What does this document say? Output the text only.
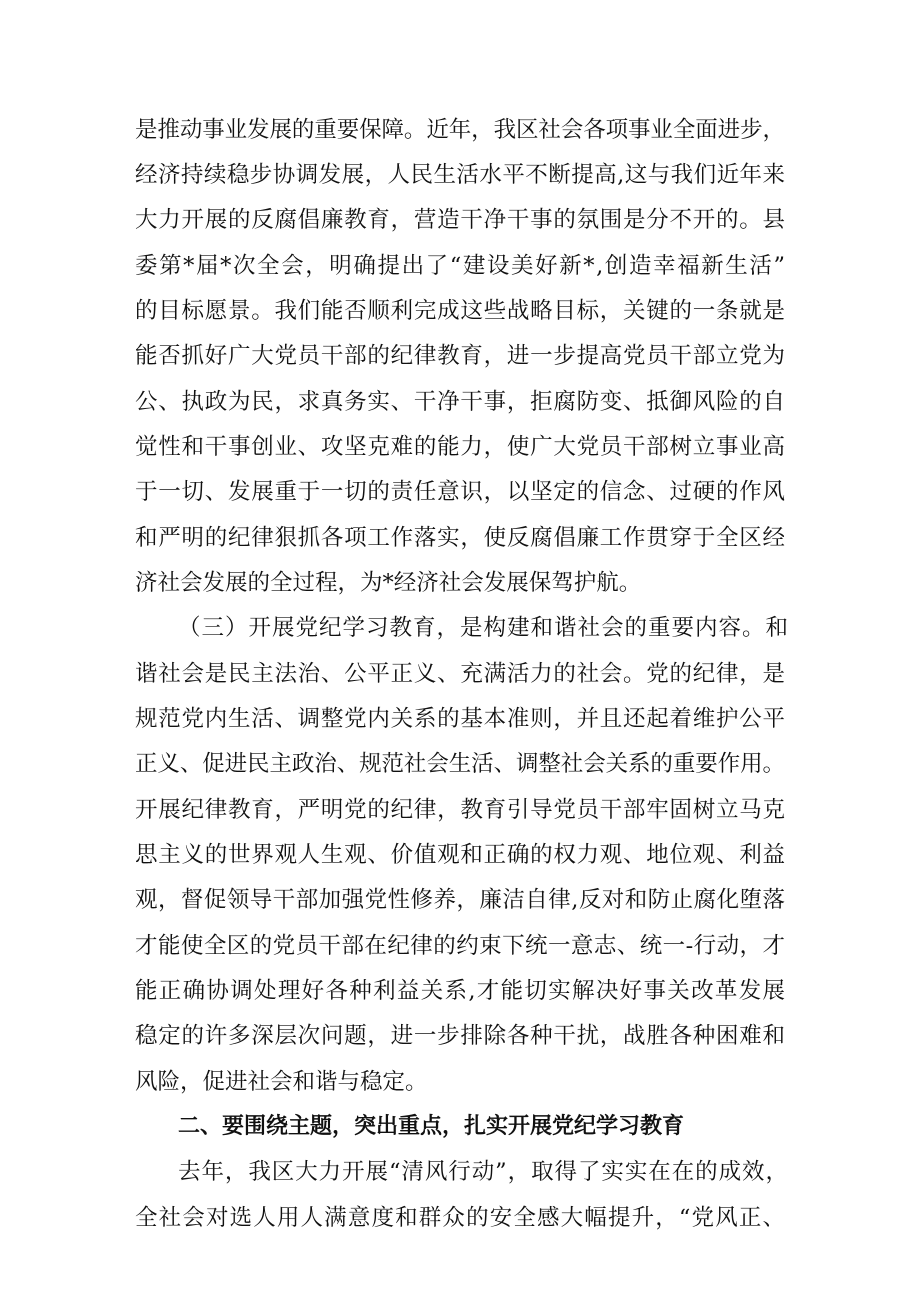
是推动事业发展的重要保障。近年，我区社会各项事业全面进步，
经济持续稳步协调发展，人民生活水平不断提高,这与我们近年来
大力开展的反腐倡廉教育，营造干净干事的氛围是分不开的。县
委第*届*次全会，明确提出了“建设美好新*,创造幸福新生活”
的目标愿景。我们能否顺利完成这些战略目标，关键的一条就是
能否抓好广大党员干部的纪律教育，进一步提高党员干部立党为
公、执政为民，求真务实、干净干事，拒腐防变、抵御风险的自
觉性和干事创业、攻坚克难的能力，使广大党员干部树立事业高
于一切、发展重于一切的责任意识，以坚定的信念、过硬的作风
和严明的纪律狠抓各项工作落实，使反腐倡廉工作贯穿于全区经
济社会发展的全过程，为*经济社会发展保驾护航。
（三）开展党纪学习教育，是构建和谐社会的重要内容。和
谐社会是民主法治、公平正义、充满活力的社会。党的纪律，是
规范党内生活、调整党内关系的基本准则，并且还起着维护公平
正义、促进民主政治、规范社会生活、调整社会关系的重要作用。
开展纪律教育，严明党的纪律，教育引导党员干部牢固树立马克
思主义的世界观人生观、价值观和正确的权力观、地位观、利益
观，督促领导干部加强党性修养，廉洁自律,反对和防止腐化堕落
才能使全区的党员干部在纪律的约束下统一意志、统一-行动，才
能正确协调处理好各种利益关系,才能切实解决好事关改革发展
稳定的许多深层次问题，进一步排除各种干扰，战胜各种困难和
风险，促进社会和谐与稳定。
二、要围绕主题，突出重点，扎实开展党纪学习教育
去年，我区大力开展“清风行动”，取得了实实在在的成效，
全社会对选人用人满意度和群众的安全感大幅提升，“党风正、
